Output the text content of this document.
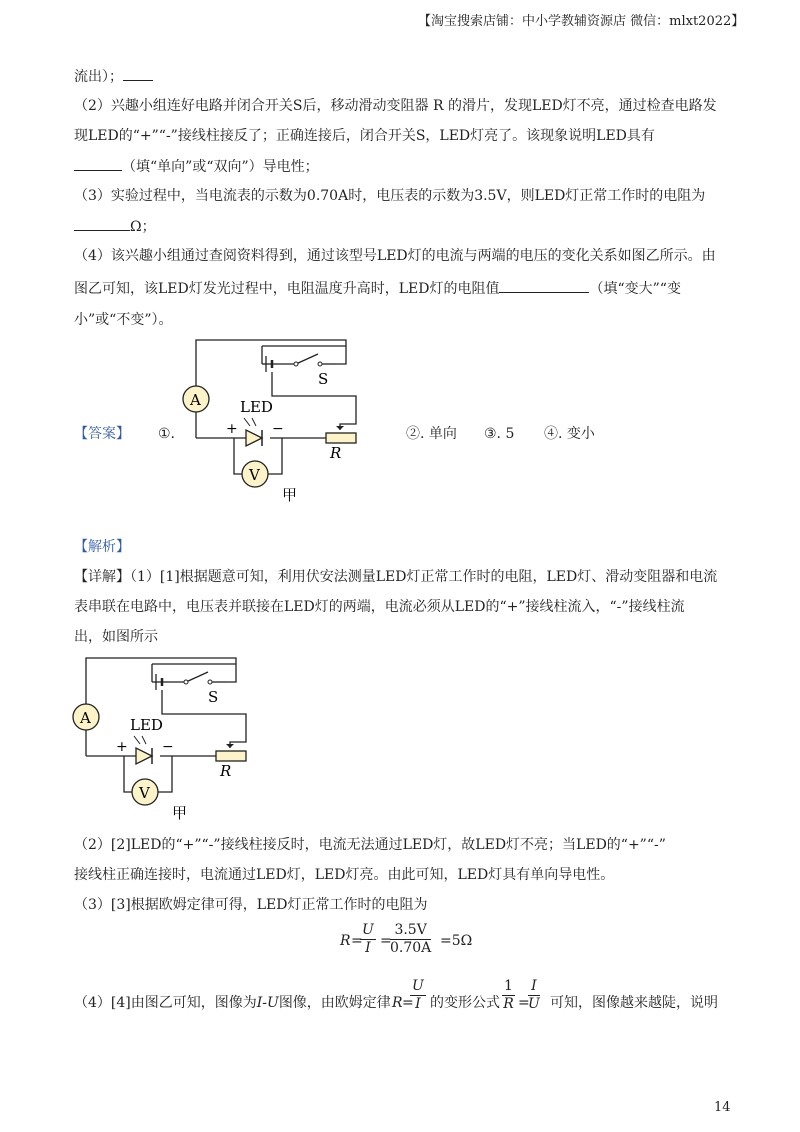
【淘宝搜索店铺：中小学教辅资源店 微信：mlxt2022】
流出）；
（2）兴趣小组连好电路并闭合开关S后，移动滑动变阻器 R 的滑片，发现LED灯不亮，通过检查电路发
现LED的“+”“-”接线柱接反了；正确连接后，闭合开关S，LED灯亮了。该现象说明LED具有
（填“单向”或“双向”）导电性；
（3）实验过程中，当电流表的示数为0.70A时，电压表的示数为3.5V，则LED灯正常工作时的电阻为
Ω；
（4）该兴趣小组通过查阅资料得到，通过该型号LED灯的电流与两端的电压的变化关系如图乙所示。由
图乙可知，该LED灯发光过程中，电阻温度升高时，LED灯的电阻值	（填“变大”“变
小”或“不变”）。
【答案】 ①.	②. 单向 ③. 5 ④. 变小
S
A	LED
+ −
R
V
甲
【解析】
【详解】（1）[1]根据题意可知，利用伏安法测量LED灯正常工作时的电阻，LED灯、滑动变阻器和电流
表串联在电路中，电压表并联接在LED灯的两端，电流必须从LED的“+”接线柱流入，“-”接线柱流
出，如图所示
S
A	LED
+ −
R
V
甲
（2）[2]LED的“+”“-”接线柱接反时，电流无法通过LED灯，故LED灯不亮；当LED的“+”“-”
接线柱正确连接时，电流通过LED灯，LED灯亮。由此可知，LED灯具有单向导电性。
（3）[3]根据欧姆定律可得，LED灯正常工作时的电阻为
R =
$\frac{U}{I}$ =
$\frac{3.5V}{0.70A} =5\Omega$
（4）[4]由图乙可知，图像为I-U图像，由欧姆定律 R =
$\frac{U}{I}$ 的变形公式 $\frac{1}{R}$ =
$\frac{I}{U}$ 可知，图像越来越陡，说明
14
